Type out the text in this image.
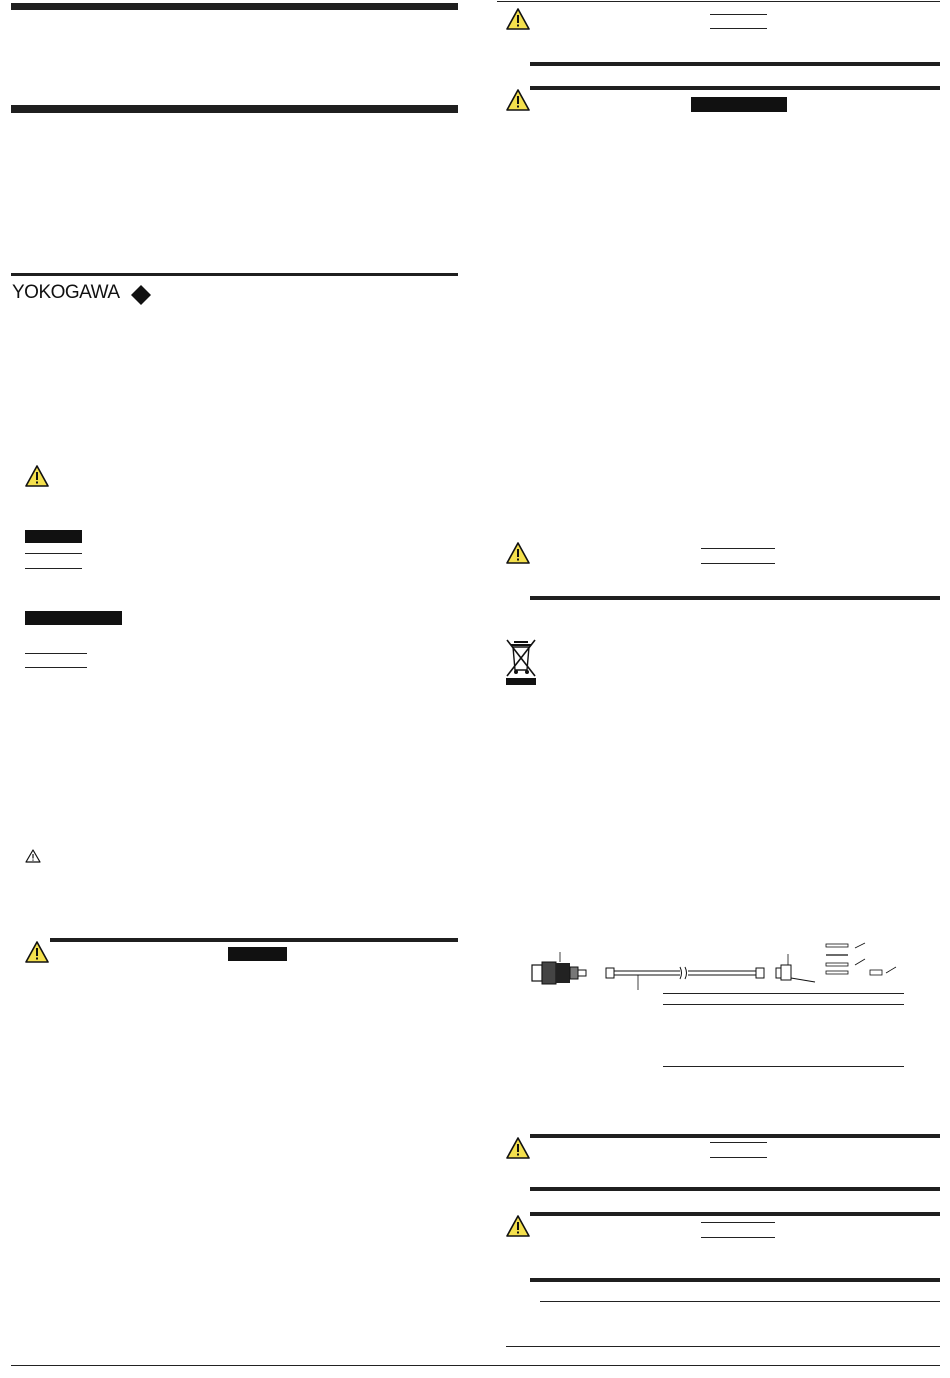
YOKOGAWA
